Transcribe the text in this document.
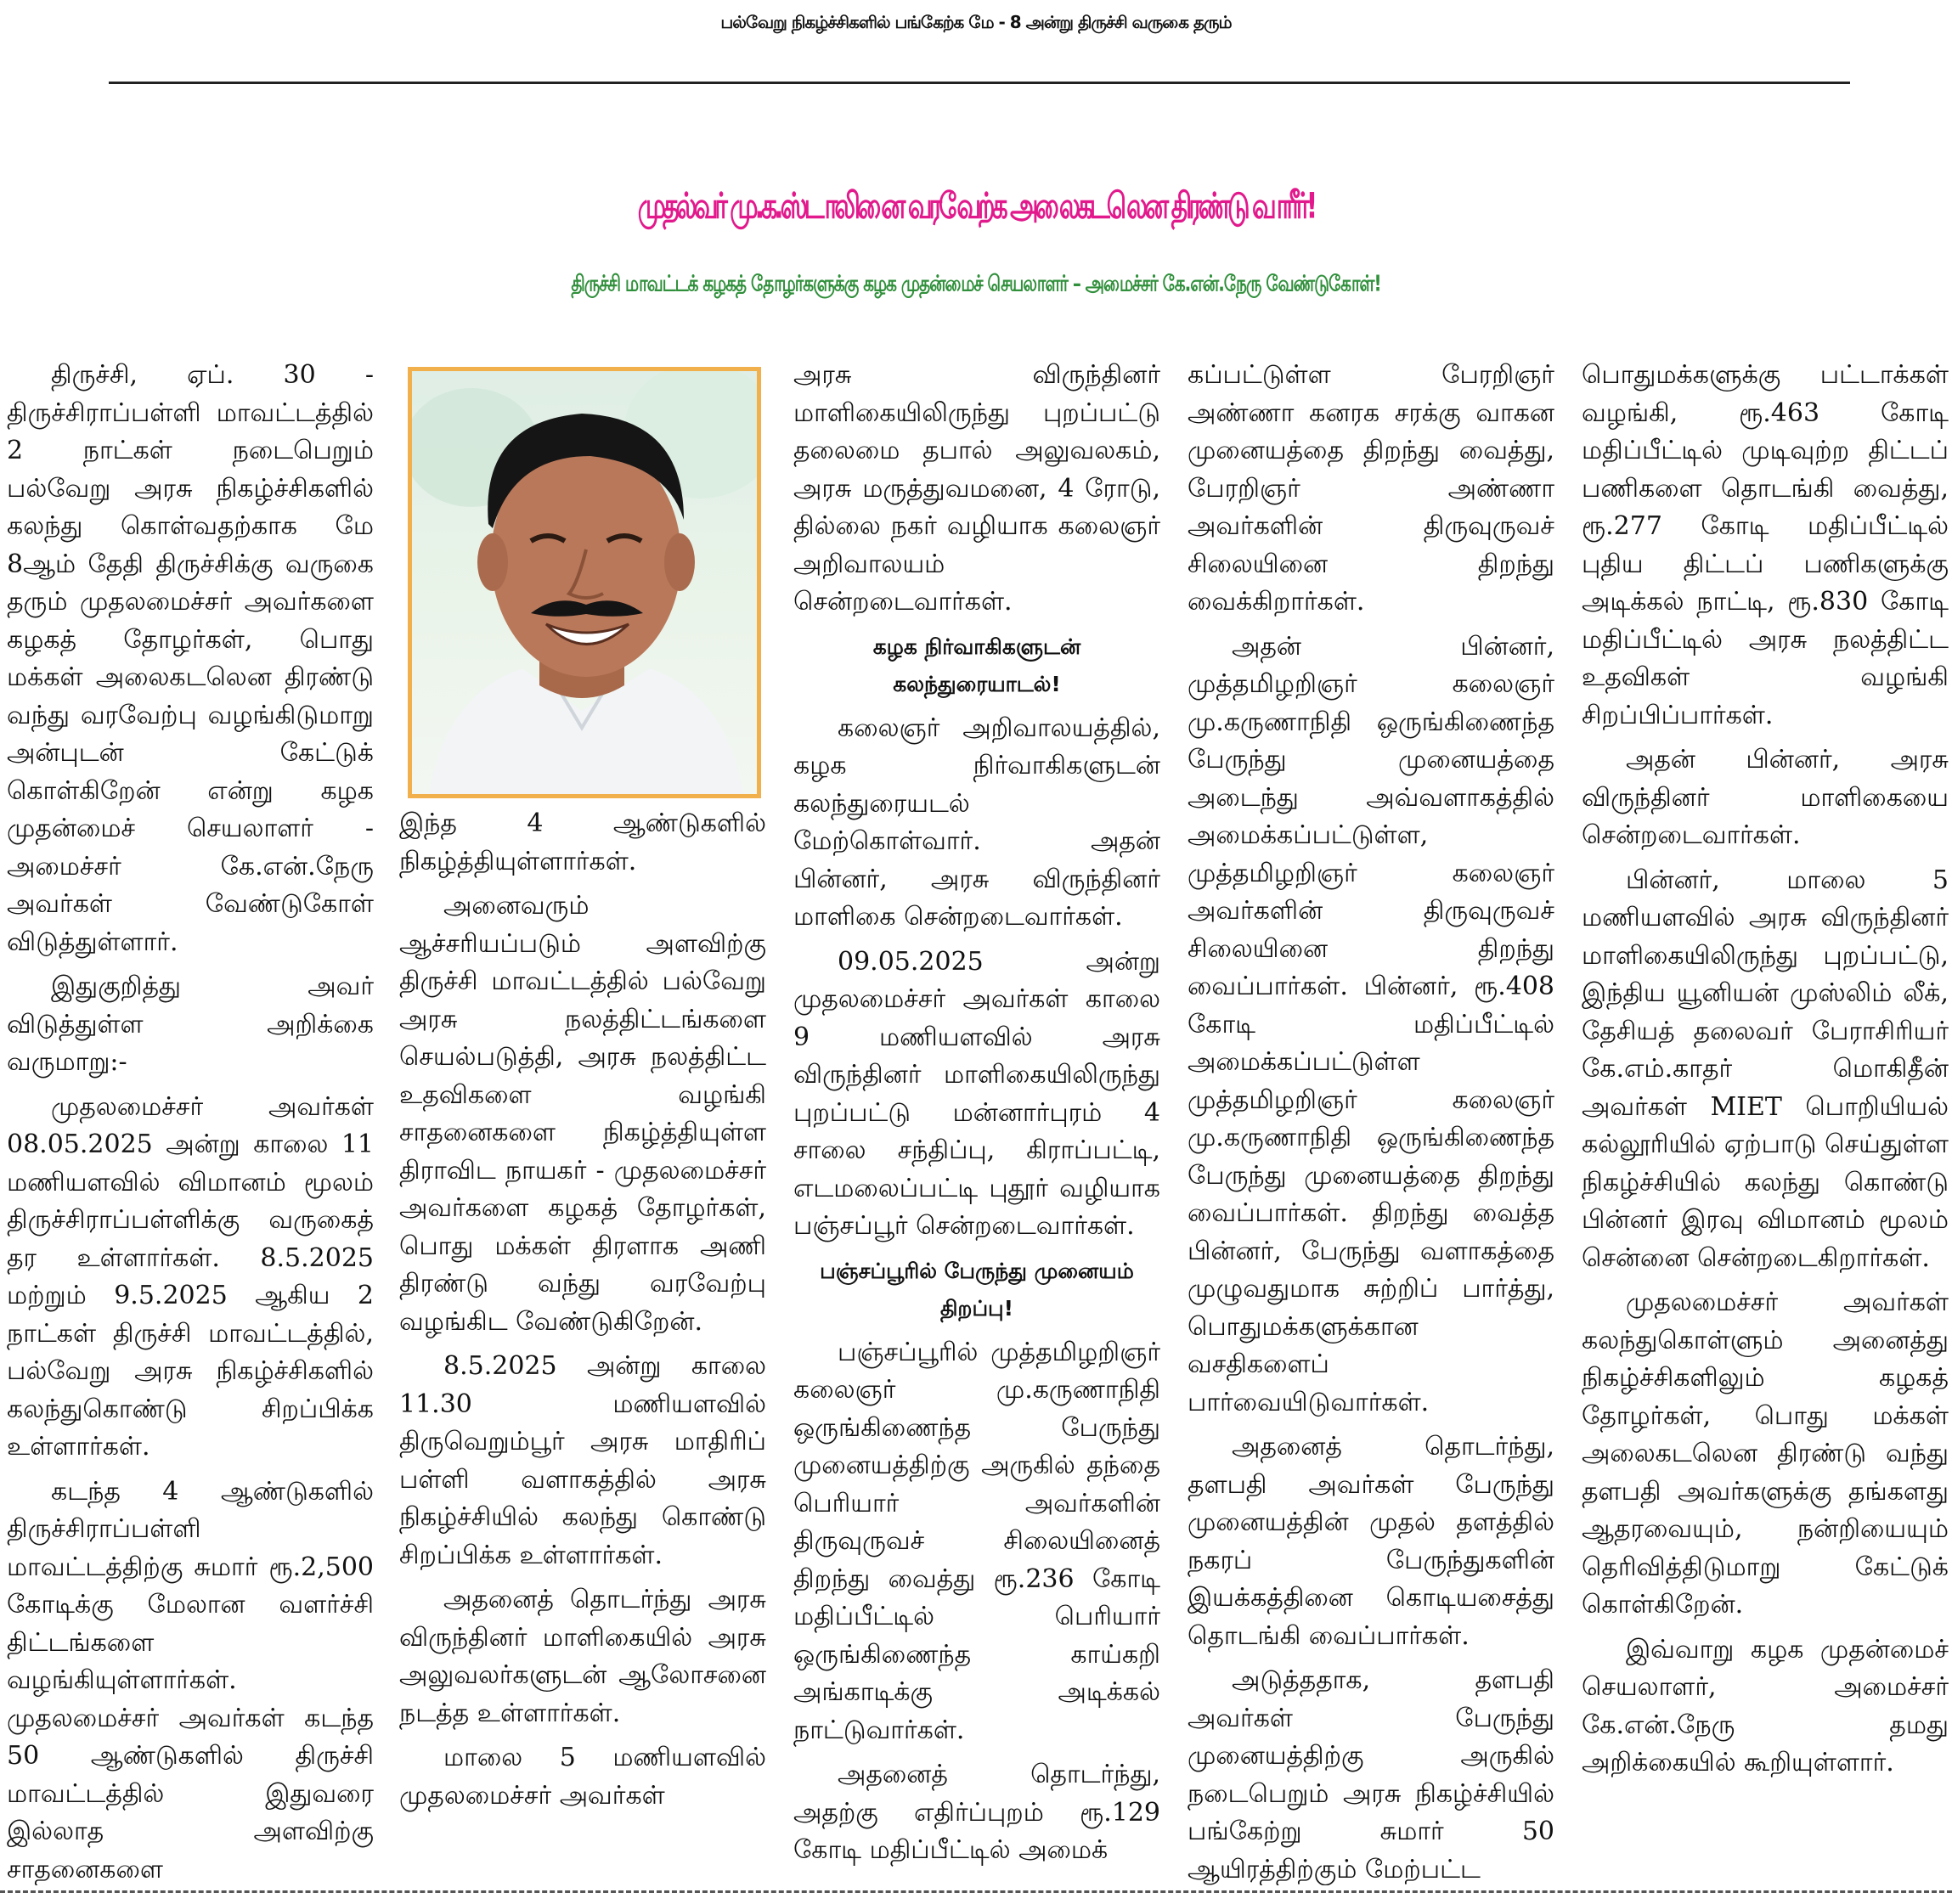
பல்வேறு நிகழ்ச்சிகளில் பங்கேற்க மே - 8 அன்று திருச்சி வருகை தரும்
முதல்வர் மு.க.ஸ்டாலினை வரவேற்க அலைகடலென திரண்டு வாரீர்!
திருச்சி மாவட்டக் கழகத் தோழர்களுக்கு கழக முதன்மைச் செயலாளர் – அமைச்சர் கே.என்.நேரு வேண்டுகோள்!

திருச்சி, ஏப். 30 - திருச்சிராப்பள்ளி மாவட்டத்தில் 2 நாட்கள் நடைபெறும் பல்வேறு அரசு நிகழ்ச்சிகளில் கலந்து கொள்வதற்காக மே 8ஆம் தேதி திருச்சிக்கு வருகை தரும் முதலமைச்சர் அவர்களை கழகத் தோழர்கள், பொது மக்கள் அலைகடலென திரண்டு வந்து வரவேற்பு வழங்கிடுமாறு அன்புடன் கேட்டுக் கொள்கிறேன் என்று கழக முதன்மைச் செயலாளர் - அமைச்சர் கே.என்.நேரு அவர்கள் வேண்டுகோள் விடுத்துள்ளார்.

இதுகுறித்து அவர் விடுத்துள்ள அறிக்கை வருமாறு:-

முதலமைச்சர் அவர்கள் 08.05.2025 அன்று காலை 11 மணியளவில் விமானம் மூலம் திருச்சிராப்பள்ளிக்கு வருகைத் தர உள்ளார்கள். 8.5.2025 மற்றும் 9.5.2025 ஆகிய 2 நாட்கள் திருச்சி மாவட்டத்தில், பல்வேறு அரசு நிகழ்ச்சிகளில் கலந்துகொண்டு சிறப்பிக்க உள்ளார்கள்.

கடந்த 4 ஆண்டுகளில் திருச்சிராப்பள்ளி மாவட்டத்திற்கு சுமார் ரூ.2,500 கோடிக்கு மேலான வளர்ச்சி திட்டங்களை வழங்கியுள்ளார்கள். முதலமைச்சர் அவர்கள் கடந்த 50 ஆண்டுகளில் திருச்சி மாவட்டத்தில் இதுவரை இல்லாத அளவிற்கு சாதனைகளை

இந்த 4 ஆண்டுகளில் நிகழ்த்தியுள்ளார்கள்.

அனைவரும் ஆச்சரியப்படும் அளவிற்கு திருச்சி மாவட்டத்தில் பல்வேறு அரசு நலத்திட்டங்களை செயல்படுத்தி, அரசு நலத்திட்ட உதவிகளை வழங்கி சாதனைகளை நிகழ்த்தியுள்ள திராவிட நாயகர் - முதலமைச்சர் அவர்களை கழகத் தோழர்கள், பொது மக்கள் திரளாக அணி திரண்டு வந்து வரவேற்பு வழங்கிட வேண்டுகிறேன்.

8.5.2025 அன்று காலை 11.30 மணியளவில் திருவெறும்பூர் அரசு மாதிரிப் பள்ளி வளாகத்தில் அரசு நிகழ்ச்சியில் கலந்து கொண்டு சிறப்பிக்க உள்ளார்கள்.

அதனைத் தொடர்ந்து அரசு விருந்தினர் மாளிகையில் அரசு அலுவலர்களுடன் ஆலோசனை நடத்த உள்ளார்கள்.

மாலை 5 மணியளவில் முதலமைச்சர் அவர்கள்

அரசு விருந்தினர் மாளிகையிலிருந்து புறப்பட்டு தலைமை தபால் அலுவலகம், அரசு மருத்துவமனை, 4 ரோடு, தில்லை நகர் வழியாக கலைஞர் அறிவாலயம் சென்றடைவார்கள்.

கழக நிர்வாகிகளுடன் கலந்துரையாடல்!

கலைஞர் அறிவாலயத்தில், கழக நிர்வாகிகளுடன் கலந்துரையடல் மேற்கொள்வார். அதன் பின்னர், அரசு விருந்தினர் மாளிகை சென்றடைவார்கள்.

09.05.2025 அன்று முதலமைச்சர் அவர்கள் காலை 9 மணியளவில் அரசு விருந்தினர் மாளிகையிலிருந்து புறப்பட்டு மன்னார்புரம் 4 சாலை சந்திப்பு, கிராப்பட்டி, எடமலைப்பட்டி புதூர் வழியாக பஞ்சப்பூர் சென்றடைவார்கள்.

பஞ்சப்பூரில் பேருந்து முனையம் திறப்பு!

பஞ்சப்பூரில் முத்தமிழறிஞர் கலைஞர் மு.கருணாநிதி ஒருங்கிணைந்த பேருந்து முனையத்திற்கு அருகில் தந்தை பெரியார் அவர்களின் திருவுருவச் சிலையினைத் திறந்து வைத்து ரூ.236 கோடி மதிப்பீட்டில் பெரியார் ஒருங்கிணைந்த காய்கறி அங்காடிக்கு அடிக்கல் நாட்டுவார்கள்.

அதனைத் தொடர்ந்து, அதற்கு எதிர்ப்புறம் ரூ.129 கோடி மதிப்பீட்டில் அமைக்

கப்பட்டுள்ள பேரறிஞர் அண்ணா கனரக சரக்கு வாகன முனையத்தை திறந்து வைத்து, பேரறிஞர் அண்ணா அவர்களின் திருவுருவச் சிலையினை திறந்து வைக்கிறார்கள்.

அதன் பின்னர், முத்தமிழறிஞர் கலைஞர் மு.கருணாநிதி ஒருங்கிணைந்த பேருந்து முனையத்தை அடைந்து அவ்வளாகத்தில் அமைக்கப்பட்டுள்ள, முத்தமிழறிஞர் கலைஞர் அவர்களின் திருவுருவச் சிலையினை திறந்து வைப்பார்கள். பின்னர், ரூ.408 கோடி மதிப்பீட்டில் அமைக்கப்பட்டுள்ள முத்தமிழறிஞர் கலைஞர் மு.கருணாநிதி ஒருங்கிணைந்த பேருந்து முனையத்தை திறந்து வைப்பார்கள். திறந்து வைத்த பின்னர், பேருந்து வளாகத்தை முழுவதுமாக சுற்றிப் பார்த்து, பொதுமக்களுக்கான வசதிகளைப் பார்வையிடுவார்கள்.

அதனைத் தொடர்ந்து, தளபதி அவர்கள் பேருந்து முனையத்தின் முதல் தளத்தில் நகரப் பேருந்துகளின் இயக்கத்தினை கொடியசைத்து தொடங்கி வைப்பார்கள்.

அடுத்ததாக, தளபதி அவர்கள் பேருந்து முனையத்திற்கு அருகில் நடைபெறும் அரசு நிகழ்ச்சியில் பங்கேற்று சுமார் 50 ஆயிரத்திற்கும் மேற்பட்ட

பொதுமக்களுக்கு பட்டாக்கள் வழங்கி, ரூ.463 கோடி மதிப்பீட்டில் முடிவுற்ற திட்டப் பணிகளை தொடங்கி வைத்து, ரூ.277 கோடி மதிப்பீட்டில் புதிய திட்டப் பணிகளுக்கு அடிக்கல் நாட்டி, ரூ.830 கோடி மதிப்பீட்டில் அரசு நலத்திட்ட உதவிகள் வழங்கி சிறப்பிப்பார்கள்.

அதன் பின்னர், அரசு விருந்தினர் மாளிகையை சென்றடைவார்கள்.

பின்னர், மாலை 5 மணியளவில் அரசு விருந்தினர் மாளிகையிலிருந்து புறப்பட்டு, இந்திய யூனியன் முஸ்லிம் லீக், தேசியத் தலைவர் பேராசிரியர் கே.எம்.காதர் மொகிதீன் அவர்கள் MIET பொறியியல் கல்லூரியில் ஏற்பாடு செய்துள்ள நிகழ்ச்சியில் கலந்து கொண்டு பின்னர் இரவு விமானம் மூலம் சென்னை சென்றடைகிறார்கள்.

முதலமைச்சர் அவர்கள் கலந்துகொள்ளும் அனைத்து நிகழ்ச்சிகளிலும் கழகத் தோழர்கள், பொது மக்கள் அலைகடலென திரண்டு வந்து தளபதி அவர்களுக்கு தங்களது ஆதரவையும், நன்றியையும் தெரிவித்திடுமாறு கேட்டுக் கொள்கிறேன்.

இவ்வாறு கழக முதன்மைச் செயலாளர், அமைச்சர் கே.என்.நேரு தமது அறிக்கையில் கூறியுள்ளார்.
